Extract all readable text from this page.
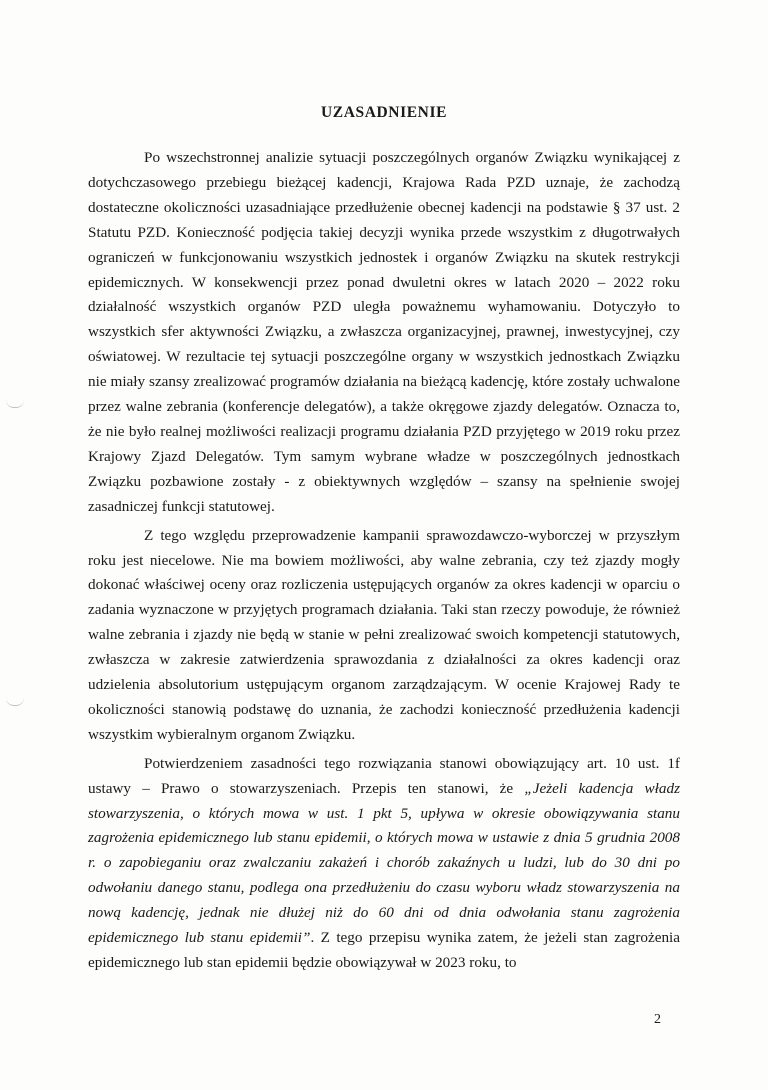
UZASADNIENIE

Po wszechstronnej analizie sytuacji poszczególnych organów Związku wynikającej z dotychczasowego przebiegu bieżącej kadencji, Krajowa Rada PZD uznaje, że zachodzą dostateczne okoliczności uzasadniające przedłużenie obecnej kadencji na podstawie § 37 ust. 2 Statutu PZD. Konieczność podjęcia takiej decyzji wynika przede wszystkim z długotrwałych ograniczeń w funkcjonowaniu wszystkich jednostek i organów Związku na skutek restrykcji epidemicznych. W konsekwencji przez ponad dwuletni okres w latach 2020 – 2022 roku działalność wszystkich organów PZD uległa poważnemu wyhamowaniu. Dotyczyło to wszystkich sfer aktywności Związku, a zwłaszcza organizacyjnej, prawnej, inwestycyjnej, czy oświatowej. W rezultacie tej sytuacji poszczególne organy w wszystkich jednostkach Związku nie miały szansy zrealizować programów działania na bieżącą kadencję, które zostały uchwalone przez walne zebrania (konferencje delegatów), a także okręgowe zjazdy delegatów. Oznacza to, że nie było realnej możliwości realizacji programu działania PZD przyjętego w 2019 roku przez Krajowy Zjazd Delegatów. Tym samym wybrane władze w poszczególnych jednostkach Związku pozbawione zostały - z obiektywnych względów – szansy na spełnienie swojej zasadniczej funkcji statutowej.

Z tego względu przeprowadzenie kampanii sprawozdawczo-wyborczej w przyszłym roku jest niecelowe. Nie ma bowiem możliwości, aby walne zebrania, czy też zjazdy mogły dokonać właściwej oceny oraz rozliczenia ustępujących organów za okres kadencji w oparciu o zadania wyznaczone w przyjętych programach działania. Taki stan rzeczy powoduje, że również walne zebrania i zjazdy nie będą w stanie w pełni zrealizować swoich kompetencji statutowych, zwłaszcza w zakresie zatwierdzenia sprawozdania z działalności za okres kadencji oraz udzielenia absolutorium ustępującym organom zarządzającym. W ocenie Krajowej Rady te okoliczności stanowią podstawę do uznania, że zachodzi konieczność przedłużenia kadencji wszystkim wybieralnym organom Związku.

Potwierdzeniem zasadności tego rozwiązania stanowi obowiązujący art. 10 ust. 1f ustawy – Prawo o stowarzyszeniach. Przepis ten stanowi, że „Jeżeli kadencja władz stowarzyszenia, o których mowa w ust. 1 pkt 5, upływa w okresie obowiązywania stanu zagrożenia epidemicznego lub stanu epidemii, o których mowa w ustawie z dnia 5 grudnia 2008 r. o zapobieganiu oraz zwalczaniu zakażeń i chorób zakaźnych u ludzi, lub do 30 dni po odwołaniu danego stanu, podlega ona przedłużeniu do czasu wyboru władz stowarzyszenia na nową kadencję, jednak nie dłużej niż do 60 dni od dnia odwołania stanu zagrożenia epidemicznego lub stanu epidemii”. Z tego przepisu wynika zatem, że jeżeli stan zagrożenia epidemicznego lub stan epidemii będzie obowiązywał w 2023 roku, to

2
